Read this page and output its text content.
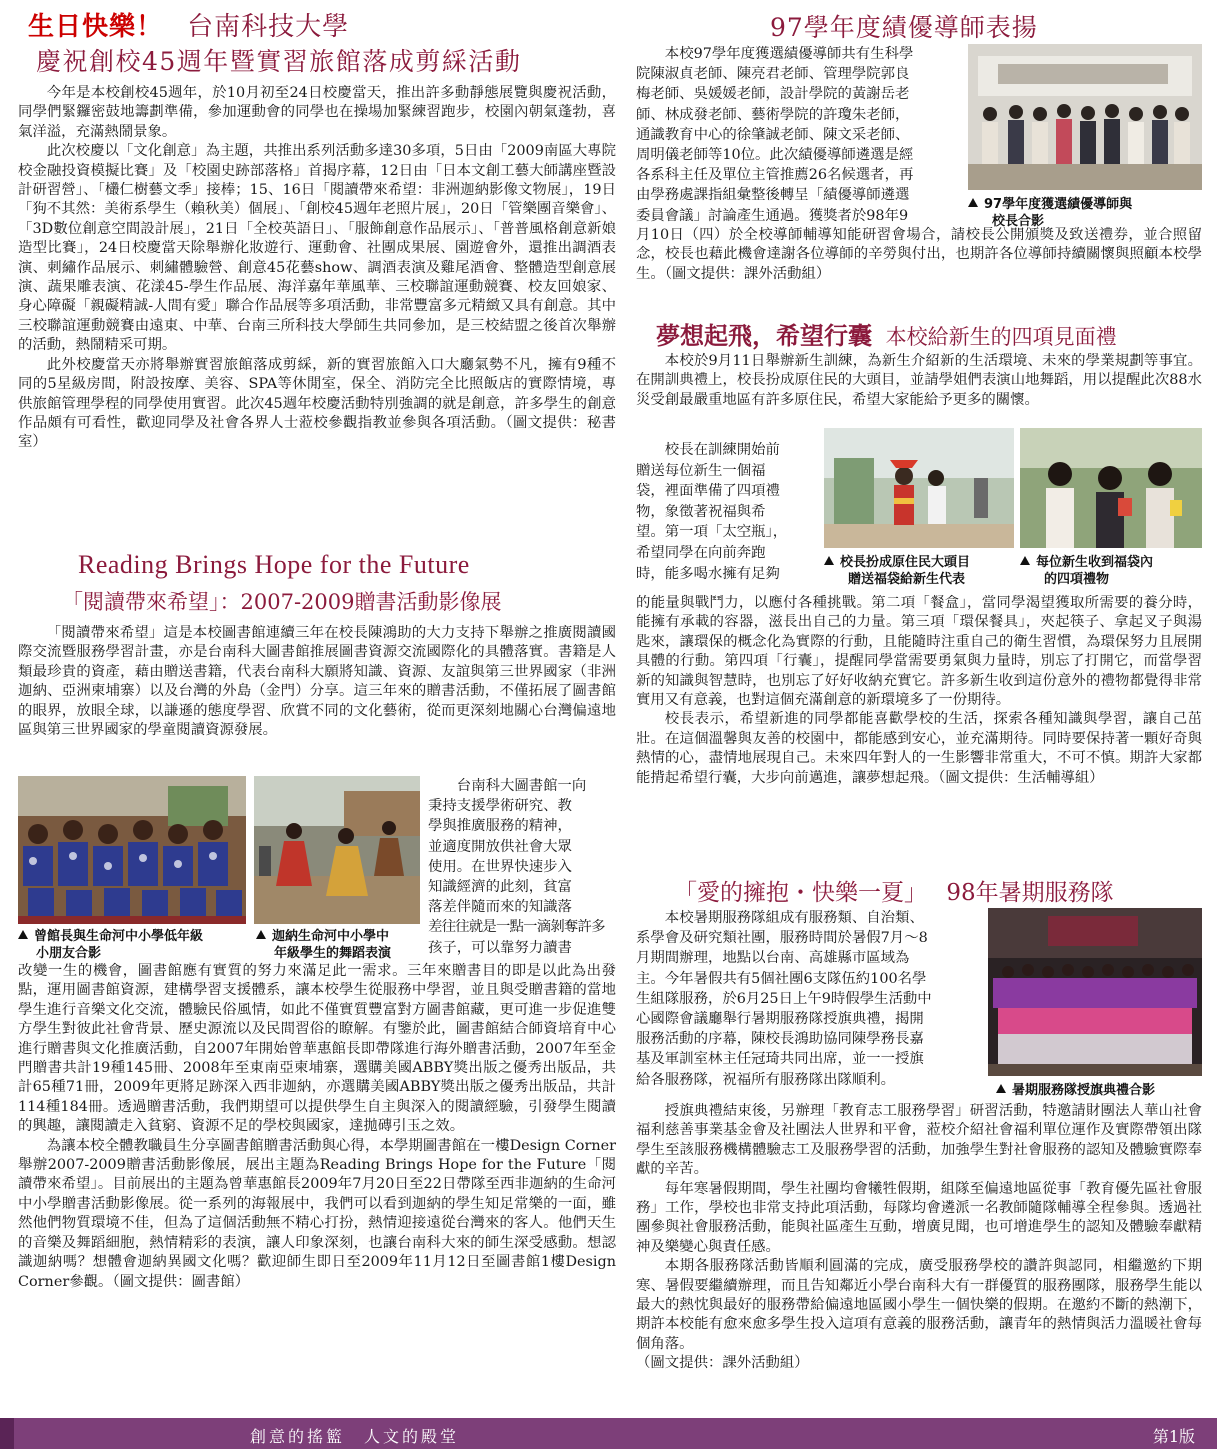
生日快樂！ 台南科技大學
慶祝創校45週年暨實習旅館落成剪綵活動

今年是本校創校45週年，於10月初至24日校慶當天，推出許多動靜態展覽與慶祝活動，同學們緊鑼密鼓地籌劃準備，參加運動會的同學也在操場加緊練習跑步，校園內朝氣蓬勃，喜氣洋溢，充滿熱鬧景象。

此次校慶以「文化創意」為主題，共推出系列活動多達30多項，5日由「2009南區大專院校金融投資模擬比賽」及「校園史跡部落格」首揭序幕，12日由「日本文創工藝大師講座暨設計研習營」、「欉仁樹藝文季」接棒；15、16日「閱讀帶來希望：非洲迦納影像文物展」，19日「狗不其然：美術系學生（賴秋美）個展」、「創校45週年老照片展」，20日「管樂團音樂會」、「3D數位創意空間設計展」，21日「全校英語日」、「服飾創意作品展示」、「普普風格創意新娘造型比賽」，24日校慶當天除舉辦化妝遊行、運動會、社團成果展、園遊會外，還推出調酒表演、刺繡作品展示、刺繡體驗營、創意45花藝show、調酒表演及雞尾酒會、整體造型創意展演、蔬果雕表演、花漾45-學生作品展、海洋嘉年華風華、三校聯誼運動競賽、校友回娘家、身心障礙「親礙精誠-人間有愛」聯合作品展等多項活動，非常豐富多元精緻又具有創意。其中三校聯誼運動競賽由遠東、中華、台南三所科技大學師生共同參加，是三校結盟之後首次舉辦的活動，熱鬧精采可期。

此外校慶當天亦將舉辦實習旅館落成剪綵，新的實習旅館入口大廳氣勢不凡，擁有9種不同的5星級房間，附設按摩、美容、SPA等休閒室，保全、消防完全比照飯店的實際情境，專供旅館管理學程的同學使用實習。此次45週年校慶活動特別強調的就是創意，許多學生的創意作品頗有可看性，歡迎同學及社會各界人士蒞校參觀指教並參與各項活動。（圖文提供：秘書室）

Reading Brings Hope for the Future
「閱讀帶來希望」：2007-2009贈書活動影像展

「閱讀帶來希望」這是本校圖書館連續三年在校長陳鴻助的大力支持下舉辦之推廣閱讀國際交流暨服務學習計畫，亦是台南科大圖書館推展圖書資源交流國際化的具體落實。書籍是人類最珍貴的資產，藉由贈送書籍，代表台南科大願將知識、資源、友誼與第三世界國家（非洲迦納、亞洲柬埔寨）以及台灣的外島（金門）分享。這三年來的贈書活動，不僅拓展了圖書館的眼界，放眼全球，以謙遜的態度學習、欣賞不同的文化藝術，從而更深刻地關心台灣偏遠地區與第三世界國家的學童閱讀資源發展。

曾館長與生命河中小學低年級
小朋友合影
迦納生命河中小學中
年級學生的舞蹈表演
台南科大圖書館一向
秉持支援學術研究、教
學與推廣服務的精神，
並適度開放供社會大眾
使用。在世界快速步入
知識經濟的此刻，貧富
落差伴隨而來的知識落
差往往就是一點一滴剝奪許多
孩子，可以靠努力讀書

改變一生的機會，圖書館應有實質的努力來滿足此一需求。三年來贈書目的即是以此為出發點，運用圖書館資源，建構學習支援體系，讓本校學生從服務中學習，並且與受贈書籍的當地學生進行音樂文化交流，體驗民俗風情，如此不僅實質豐富對方圖書館藏，更可進一步促進雙方學生對彼此社會背景、歷史源流以及民間習俗的瞭解。有鑒於此，圖書館結合師資培育中心進行贈書與文化推廣活動，自2007年開始曾華惠館長即帶隊進行海外贈書活動，2007年至金門贈書共計19種145冊、2008年至東南亞柬埔寨，選購美國ABBY獎出版之優秀出版品，共計65種71冊，2009年更將足跡深入西非迦納，亦選購美國ABBY獎出版之優秀出版品，共計114種184冊。透過贈書活動，我們期望可以提供學生自主與深入的閱讀經驗，引發學生閱讀的興趣，讓閱讀走入貧窮、資源不足的學校與國家，達拋磚引玉之效。

為讓本校全體教職員生分享圖書館贈書活動與心得，本學期圖書館在一樓Design Corner舉辦2007-2009贈書活動影像展，展出主題為Reading Brings Hope for the Future「閱讀帶來希望」。目前展出的主題為曾華惠館長2009年7月20日至22日帶隊至西非迦納的生命河中小學贈書活動影像展。從一系列的海報展中，我們可以看到迦納的學生知足常樂的一面，雖然他們物質環境不佳，但為了這個活動無不精心打扮，熱情迎接遠從台灣來的客人。他們天生的音樂及舞蹈細胞，熱情精彩的表演，讓人印象深刻，也讓台南科大來的師生深受感動。想認識迦納嗎？想體會迦納異國文化嗎？歡迎師生即日至2009年11月12日至圖書館1樓Design Corner參觀。（圖文提供：圖書館）

97學年度績優導師表揚
本校97學年度獲選績優導師共有生科學
院陳淑貞老師、陳亮君老師、管理學院郭良
梅老師、吳媛媛老師，設計學院的黃謝岳老
師、林成發老師、藝術學院的許瓊朱老師，
通識教育中心的徐肇誠老師、陳文采老師、
周明儀老師等10位。此次績優導師遴選是經
各系科主任及單位主管推薦26名候選者，再
由學務處課指組彙整後轉呈「績優導師遴選
委員會議」討論產生通過。獲獎者於98年9
97學年度獲選績優導師與
校長合影

月10日（四）於全校導師輔導知能研習會場合，請校長公開頒獎及致送禮券，並合照留念，校長也藉此機會達謝各位導師的辛勞與付出，也期許各位導師持續關懷與照顧本校學生。（圖文提供：課外活動組）

夢想起飛，希望行囊 本校給新生的四項見面禮

本校於9月11日舉辦新生訓練，為新生介紹新的生活環境、未來的學業規劃等事宜。在開訓典禮上，校長扮成原住民的大頭目，並請學姐們表演山地舞蹈，用以提醒此次88水災受創最嚴重地區有許多原住民，希望大家能給予更多的關懷。

校長在訓練開始前
贈送每位新生一個福
袋，裡面準備了四項禮
物，象徵著祝福與希
望。第一項「太空瓶」，
希望同學在向前奔跑
時，能多喝水擁有足夠
校長扮成原住民大頭目
贈送福袋給新生代表
每位新生收到福袋內
的四項禮物

的能量與戰鬥力，以應付各種挑戰。第二項「餐盒」，當同學渴望獲取所需要的養分時，能擁有承載的容器，滋長出自己的力量。第三項「環保餐具」，夾起筷子、拿起叉子與湯匙來，讓環保的概念化為實際的行動，且能隨時注重自己的衛生習慣，為環保努力且展開具體的行動。第四項「行囊」，提醒同學當需要勇氣與力量時，別忘了打開它，而當學習新的知識與智慧時，也別忘了好好收納充實它。許多新生收到這份意外的禮物都覺得非常實用又有意義，也對這個充滿創意的新環境多了一份期待。

校長表示，希望新進的同學都能喜歡學校的生活，探索各種知識與學習，讓自己茁壯。在這個溫馨與友善的校園中，都能感到安心，並充滿期待。同時要保持著一顆好奇與熱情的心，盡情地展現自己。未來四年對人的一生影響非常重大，不可不慎。期許大家都能揹起希望行囊，大步向前邁進，讓夢想起飛。（圖文提供：生活輔導組）

「愛的擁抱・快樂一夏」 98年暑期服務隊
本校暑期服務隊組成有服務類、自治類、
系學會及研究類社團，服務時間於暑假7月～8
月期間辦理，地點以台南、高雄縣市區域為
主。今年暑假共有5個社團6支隊伍約100名學
生組隊服務，於6月25日上午9時假學生活動中
心國際會議廳舉行暑期服務隊授旗典禮，揭開
服務活動的序幕，陳校長鴻助協同陳學務長嘉
基及軍訓室林主任冠琦共同出席，並一一授旗
給各服務隊，祝福所有服務隊出隊順利。
暑期服務隊授旗典禮合影

授旗典禮結束後，另辦理「教育志工服務學習」研習活動，特邀請財團法人華山社會福利慈善事業基金會及社團法人世界和平會，蒞校介紹社會福利單位運作及實際帶領出隊學生至該服務機構體驗志工及服務學習的活動，加強學生對社會服務的認知及體驗實際奉獻的辛苦。

每年寒暑假期間，學生社團均會犧牲假期，組隊至偏遠地區從事「教育優先區社會服務」工作，學校也非常支持此項活動，每隊均會遴派一名教師隨隊輔導全程參與。透過社團參與社會服務活動，能與社區產生互動，增廣見聞，也可增進學生的認知及體驗奉獻精神及樂變心與責任感。

本期各服務隊活動皆順利圓滿的完成，廣受服務學校的讚許與認同，相繼邀約下期寒、暑假要繼續辦理，而且告知鄰近小學台南科大有一群優質的服務團隊，服務學生能以最大的熱忱與最好的服務帶給偏遠地區國小學生一個快樂的假期。在邀約不斷的熱潮下，期許本校能有愈來愈多學生投入這項有意義的服務活動，讓青年的熱情與活力溫暖社會每個角落。

（圖文提供：課外活動組）

創意的搖籃　人文的殿堂	第1版
